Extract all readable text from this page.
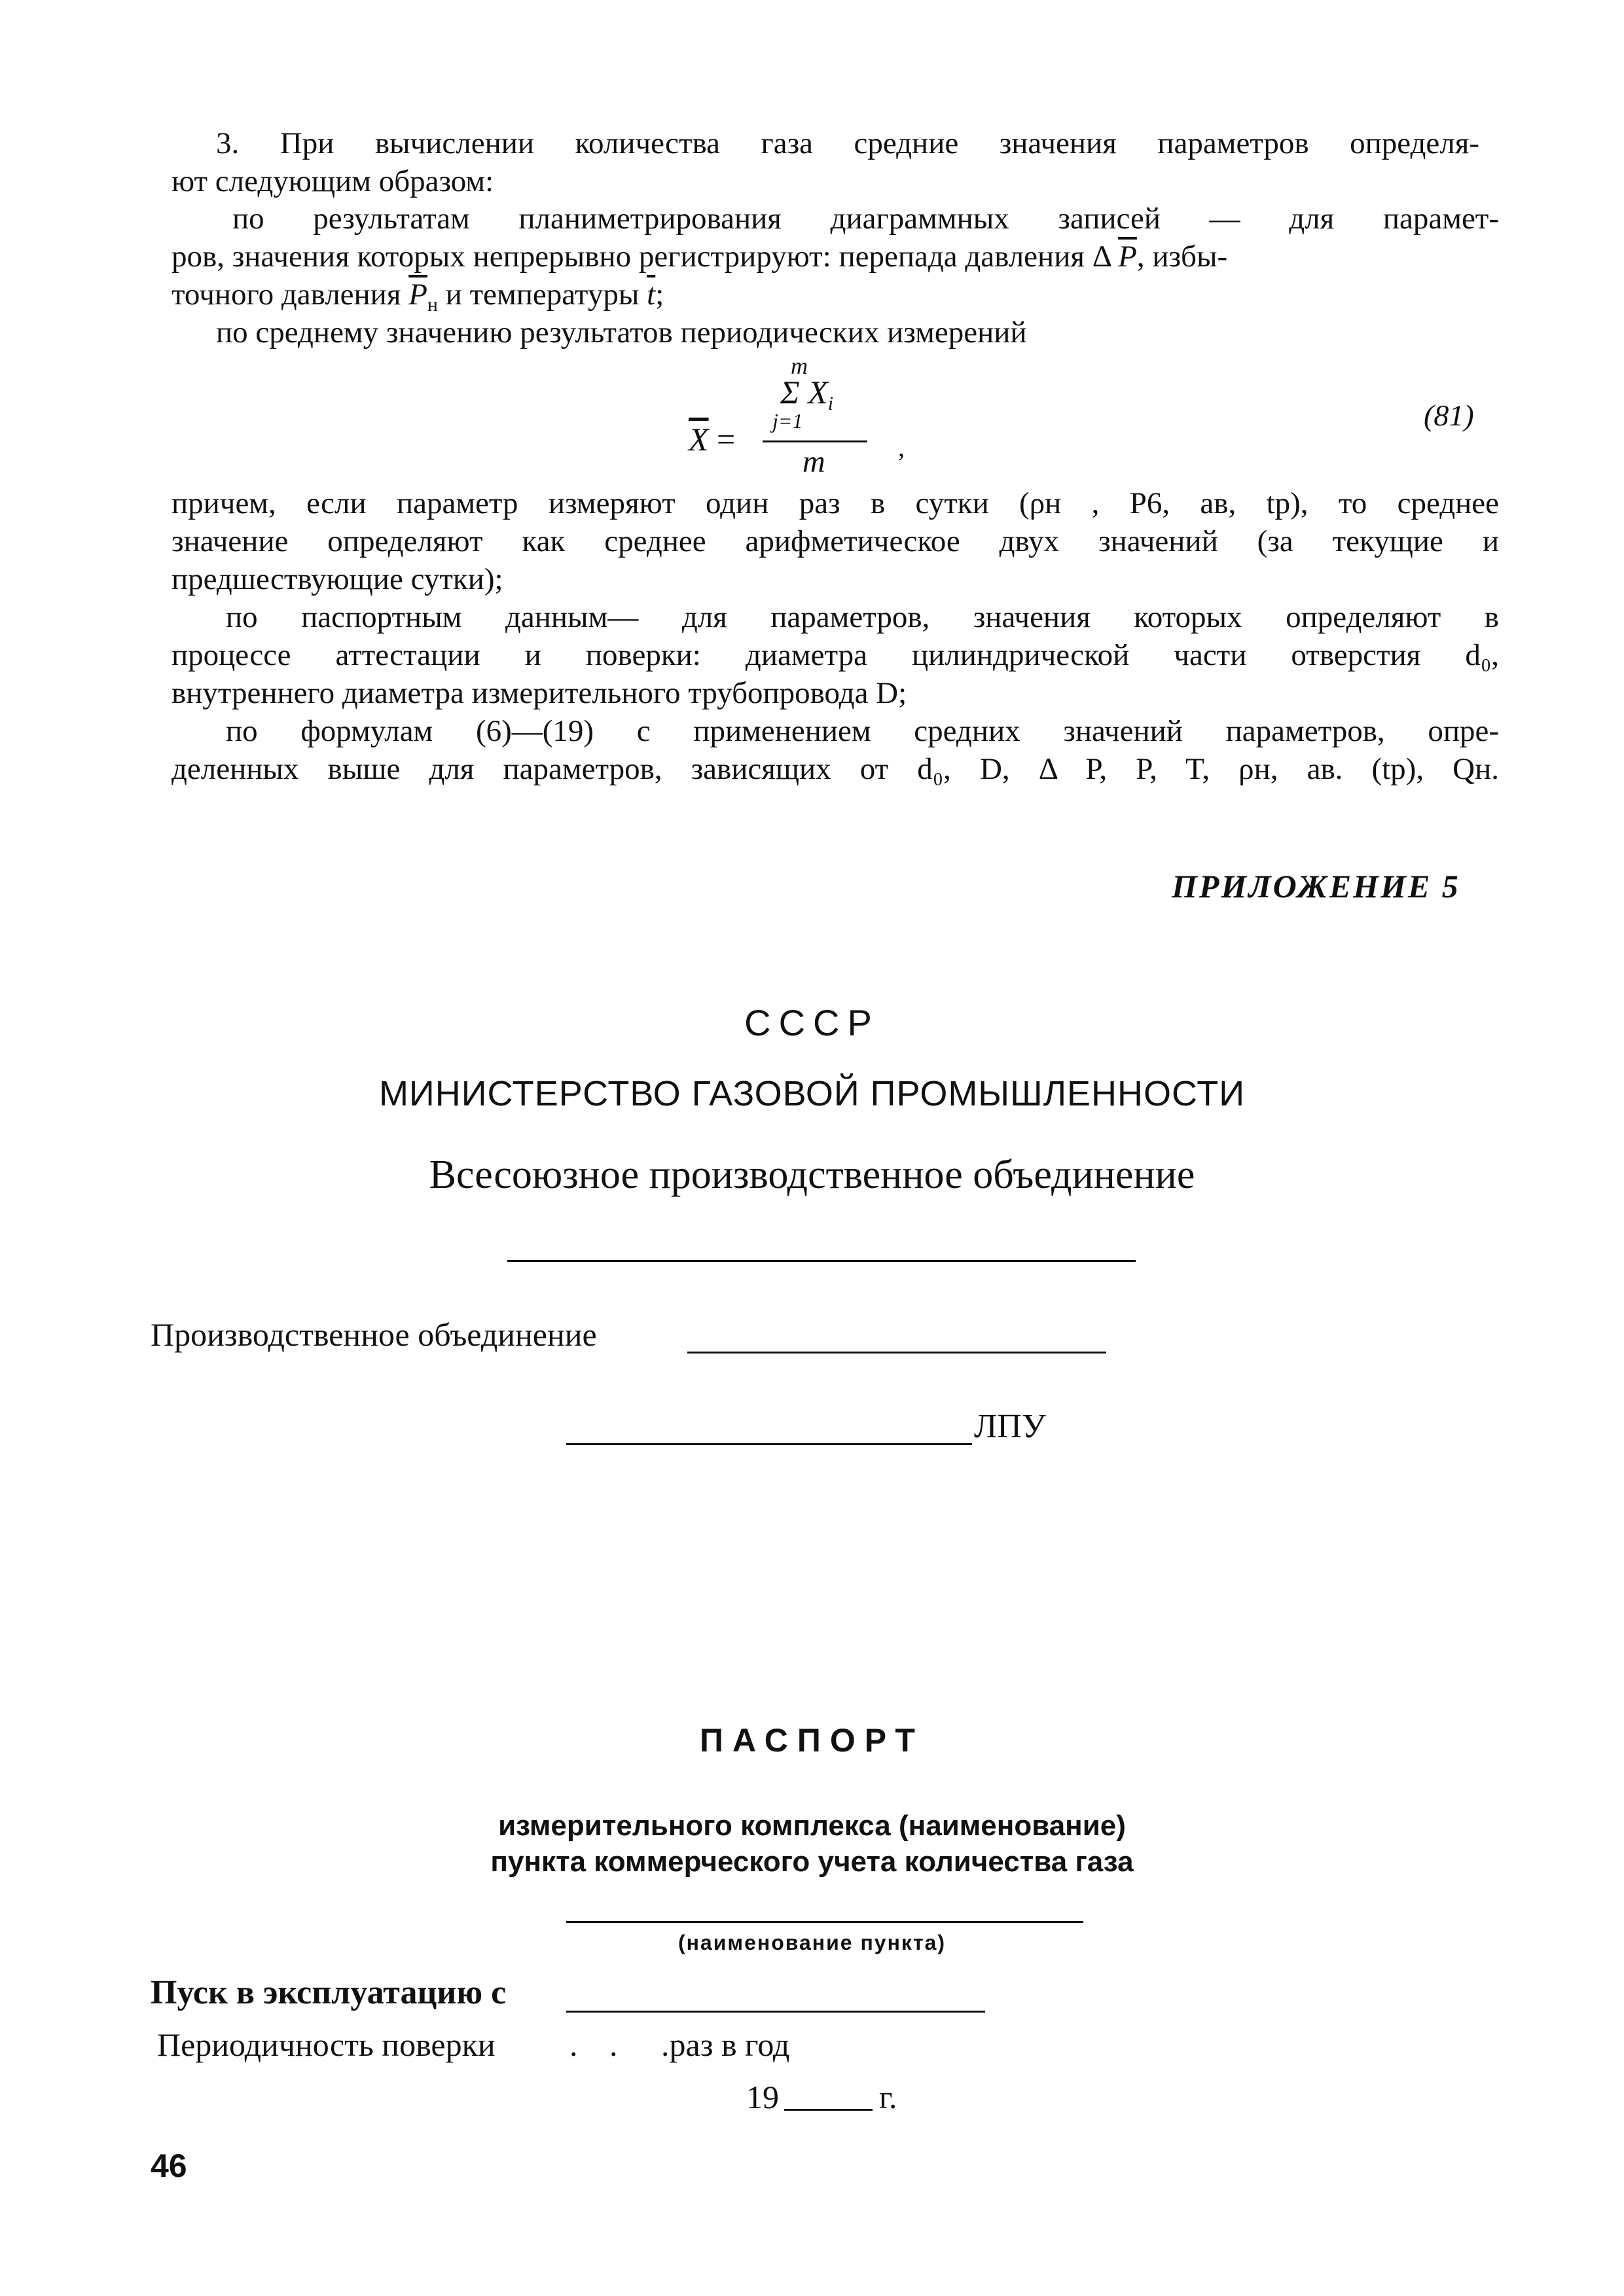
3. При вычислении количества газа средние значения параметров определя-
ют следующим образом:
по результатам планиметрирования диаграммных записей — для парамет-
ров, значения которых непрерывно регистрируют: перепада давления Δ $\overline{P}$, избы-
точного давления $\overline{P}_н$ и температуры $\overline{t}$;
по среднему значению результатов периодических измерений
m
Σ $X_i$
j=1
$\overline{X}$ =
m	,
(81)
причем, если параметр измеряют один раз в сутки (ρн , P6, aв, tр), то среднее
значение определяют как среднее арифметическое двух значений (за текущие и
предшествующие сутки);
по паспортным данным— для параметров, значения которых определяют в
процессе аттестации и поверки: диаметра цилиндрической части отверстия d₀,
внутреннего диаметра измерительного трубопровода D;
по формулам (6)—(19) с применением средних значений параметров, опре-
деленных выше для параметров, зависящих от d₀, D, Δ P, P, T, ρн, aв. (tр), Qн.
ПРИЛОЖЕНИЕ 5
СССР
МИНИСТЕРСТВО ГАЗОВОЙ ПРОМЫШЛЕННОСТИ
Всесоюзное производственное объединение
Производственное объединение
ЛПУ
ПАСПОРТ
измерительного комплекса (наименование)
пункта коммерческого учета количества газа
(наименование пункта)
Пуск в эксплуатацию с
Периодичность поверки . . .раз в год
19	г.
46
